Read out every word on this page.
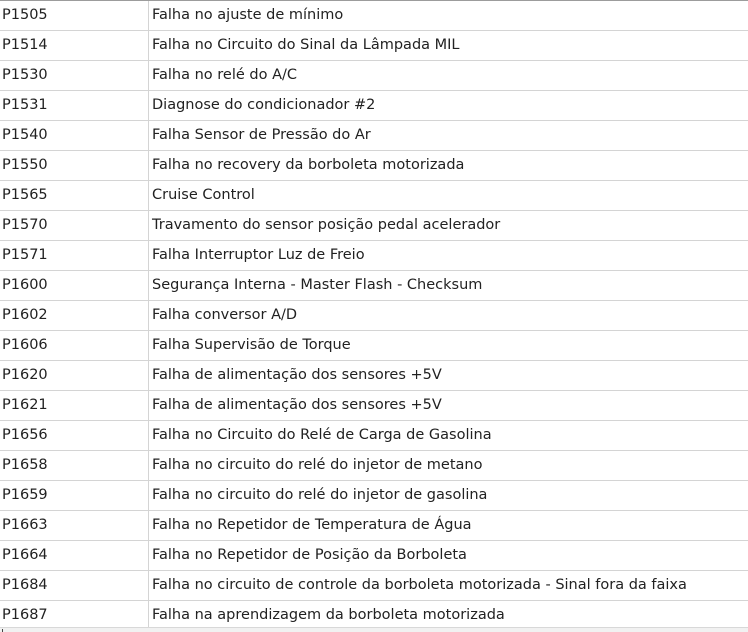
P1505	Falha no ajuste de mínimo
P1514	Falha no Circuito do Sinal da Lâmpada MIL
P1530	Falha no relé do A/C
P1531	Diagnose do condicionador #2
P1540	Falha Sensor de Pressão do Ar
P1550	Falha no recovery da borboleta motorizada
P1565	Cruise Control
P1570	Travamento do sensor posição pedal acelerador
P1571	Falha Interruptor Luz de Freio
P1600	Segurança Interna - Master Flash - Checksum
P1602	Falha conversor A/D
P1606	Falha Supervisão de Torque
P1620	Falha de alimentação dos sensores +5V
P1621	Falha de alimentação dos sensores +5V
P1656	Falha no Circuito do Relé de Carga de Gasolina
P1658	Falha no circuito do relé do injetor de metano
P1659	Falha no circuito do relé do injetor de gasolina
P1663	Falha no Repetidor de Temperatura de Água
P1664	Falha no Repetidor de Posição da Borboleta
P1684	Falha no circuito de controle da borboleta motorizada - Sinal fora da faixa
P1687	Falha na aprendizagem da borboleta motorizada
